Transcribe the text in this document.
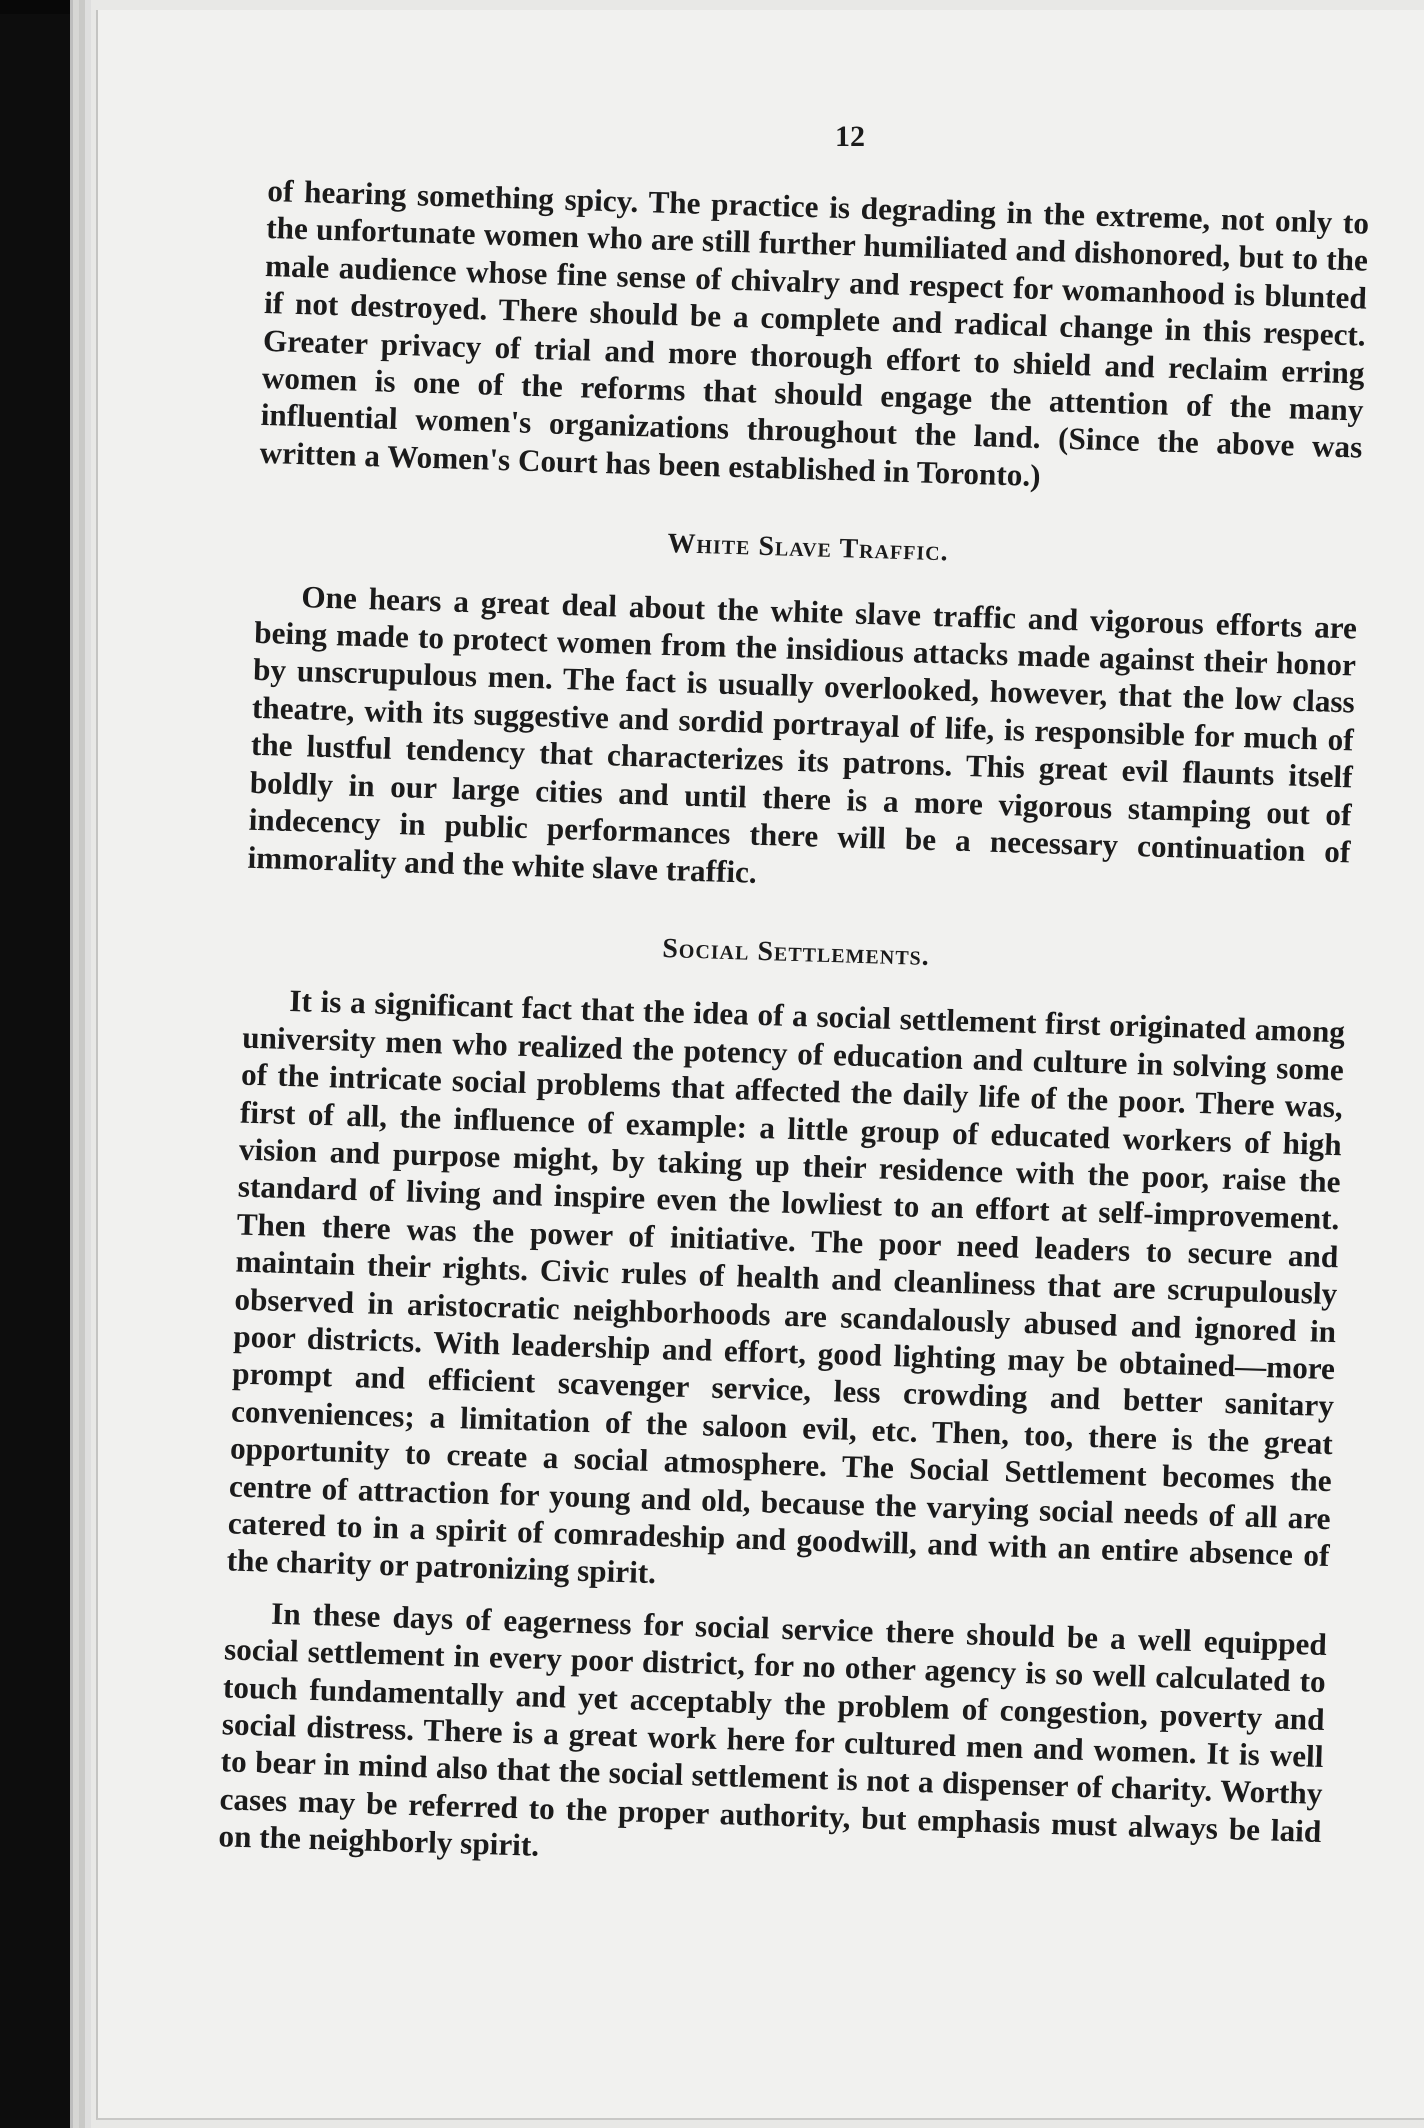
12

of hearing something spicy. The practice is degrading in the extreme, not only to the unfortunate women who are still further humiliated and dishonored, but to the male audience whose fine sense of chivalry and respect for womanhood is blunted if not destroyed. There should be a complete and radical change in this respect. Greater privacy of trial and more thorough effort to shield and reclaim erring women is one of the reforms that should engage the attention of the many influential women's organizations throughout the land. (Since the above was written a Women's Court has been established in Toronto.)

White Slave Traffic.

One hears a great deal about the white slave traffic and vigorous efforts are being made to protect women from the insidious attacks made against their honor by unscrupulous men. The fact is usually overlooked, however, that the low class theatre, with its suggestive and sordid portrayal of life, is responsible for much of the lustful tendency that characterizes its patrons. This great evil flaunts itself boldly in our large cities and until there is a more vigorous stamping out of indecency in public performances there will be a necessary continuation of immorality and the white slave traffic.

Social Settlements.

It is a significant fact that the idea of a social settlement first originated among university men who realized the potency of education and culture in solving some of the intricate social problems that affected the daily life of the poor. There was, first of all, the influence of example: a little group of educated workers of high vision and purpose might, by taking up their residence with the poor, raise the standard of living and inspire even the lowliest to an effort at self-improvement. Then there was the power of initiative. The poor need leaders to secure and maintain their rights. Civic rules of health and cleanliness that are scrupulously observed in aristocratic neighborhoods are scandalously abused and ignored in poor districts. With leadership and effort, good lighting may be obtained—more prompt and efficient scavenger service, less crowding and better sanitary conveniences; a limitation of the saloon evil, etc. Then, too, there is the great opportunity to create a social atmosphere. The Social Settlement becomes the centre of attraction for young and old, because the varying social needs of all are catered to in a spirit of comradeship and goodwill, and with an entire absence of the charity or patronizing spirit.

In these days of eagerness for social service there should be a well equipped social settlement in every poor district, for no other agency is so well calculated to touch fundamentally and yet acceptably the problem of congestion, poverty and social distress. There is a great work here for cultured men and women. It is well to bear in mind also that the social settlement is not a dispenser of charity. Worthy cases may be referred to the proper authority, but emphasis must always be laid on the neighborly spirit.
